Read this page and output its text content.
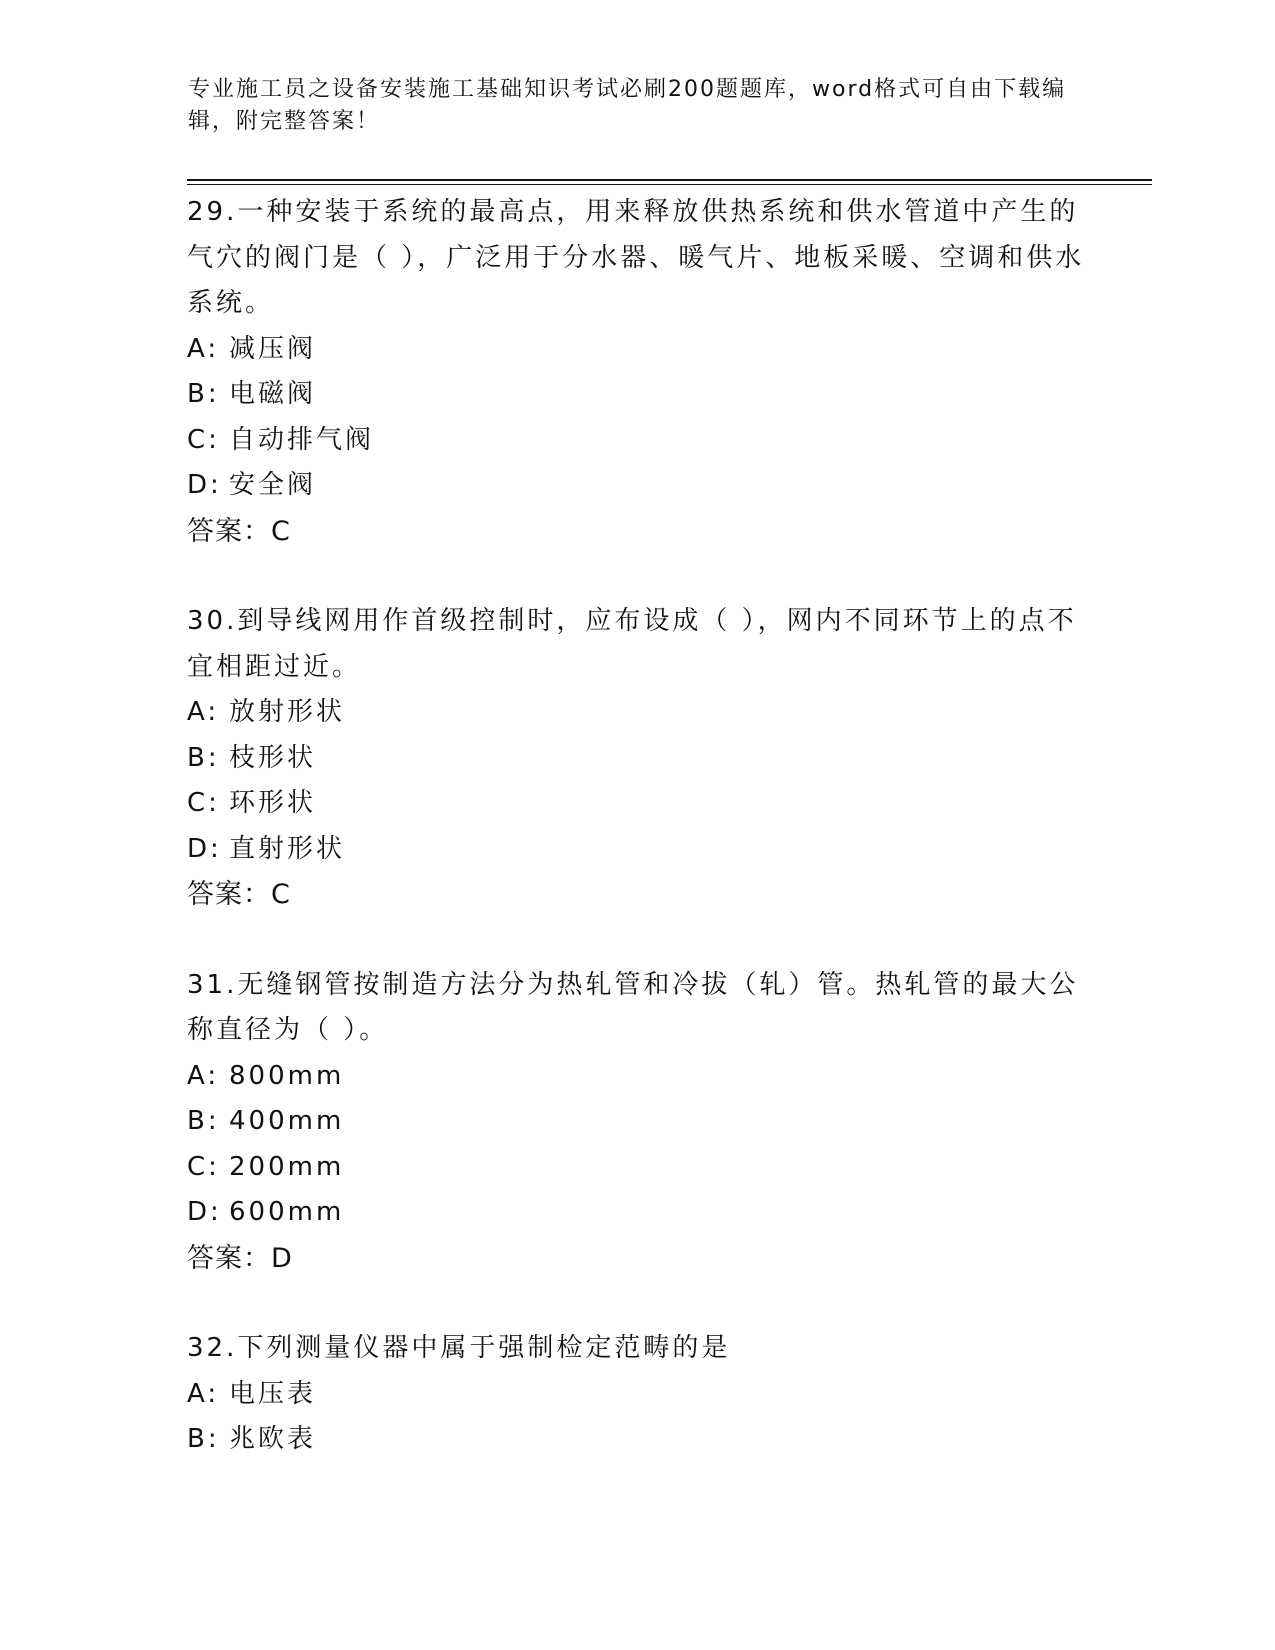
专业施工员之设备安装施工基础知识考试必刷200题题库，word格式可自由下载编辑，附完整答案！

29.一种安装于系统的最高点，用来释放供热系统和供水管道中产生的气穴的阀门是（ ），广泛用于分水器、暖气片、地板采暖、空调和供水系统。

A: 减压阀

B: 电磁阀

C: 自动排气阀

D: 安全阀

答案：C

30.到导线网用作首级控制时，应布设成（ ），网内不同环节上的点不宜相距过近。

A: 放射形状

B: 枝形状

C: 环形状

D: 直射形状

答案：C

31.无缝钢管按制造方法分为热轧管和冷拔（轧）管。热轧管的最大公称直径为（ ）。

A: 800mm

B: 400mm

C: 200mm

D: 600mm

答案：D

32.下列测量仪器中属于强制检定范畴的是

A: 电压表

B: 兆欧表
